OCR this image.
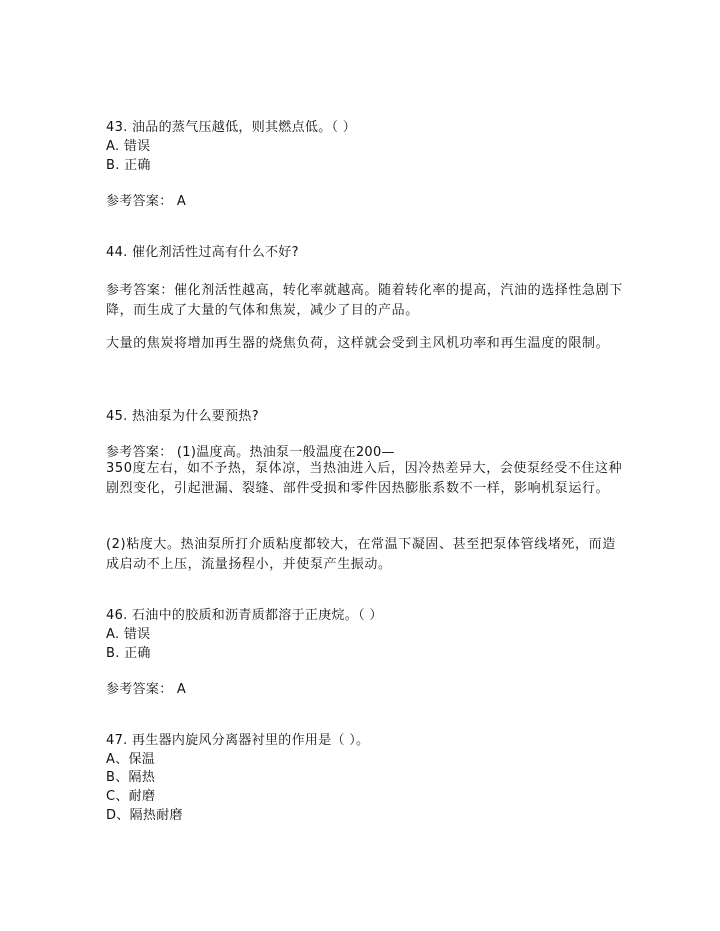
43. 油品的蒸气压越低，则其燃点低。（ ）
A. 错误
B. 正确
参考答案： A
44. 催化剂活性过高有什么不好?
参考答案：催化剂活性越高，转化率就越高。随着转化率的提高，汽油的选择性急剧下降，而生成了大量的气体和焦炭，减少了目的产品。
大量的焦炭将增加再生器的烧焦负荷，这样就会受到主风机功率和再生温度的限制。
45. 热油泵为什么要预热?
参考答案： (1)温度高。热油泵一般温度在200—
350度左右，如不予热，泵体凉，当热油进入后，因冷热差异大，会使泵经受不住这种剧烈变化，引起泄漏、裂缝、部件受损和零件因热膨胀系数不一样，影响机泵运行。
(2)粘度大。热油泵所打介质粘度都较大，在常温下凝固、甚至把泵体管线堵死，而造成启动不上压，流量扬程小，并使泵产生振动。
46. 石油中的胶质和沥青质都溶于正庚烷。（ ）
A. 错误
B. 正确
参考答案： A
47. 再生器内旋风分离器衬里的作用是（ ）。
A、保温
B、隔热
C、耐磨
D、隔热耐磨
